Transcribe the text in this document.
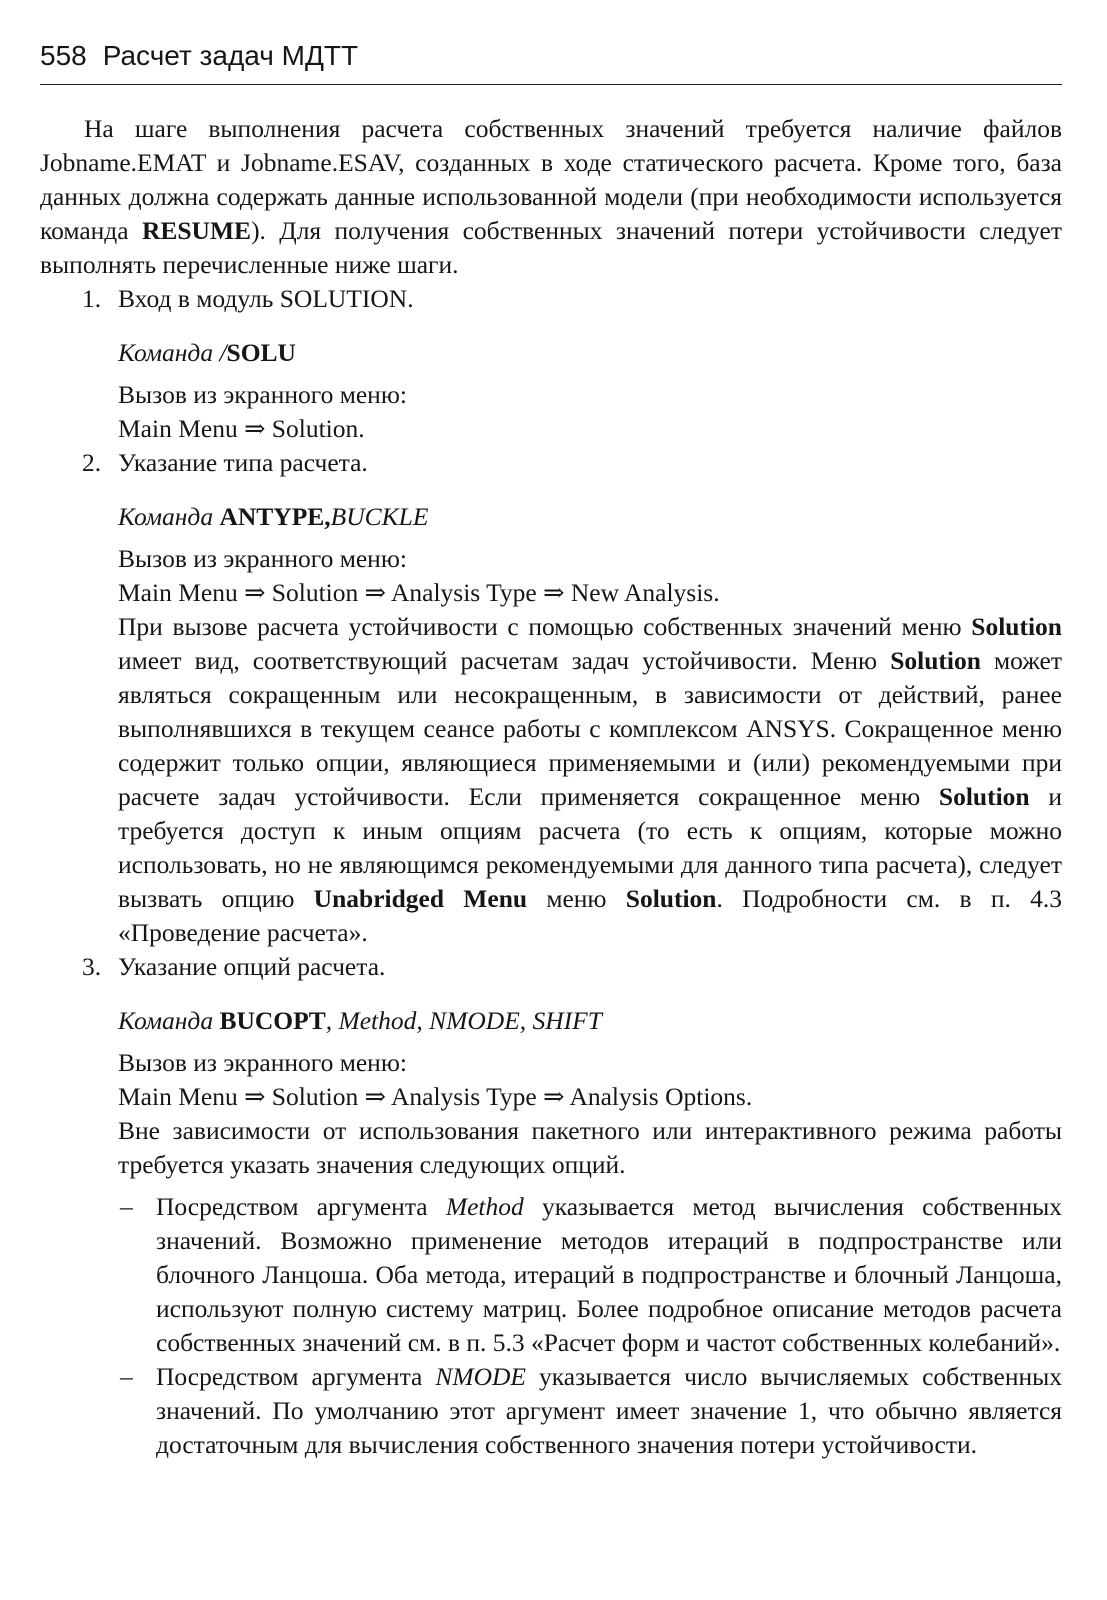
558 Расчет задач МДТТ

На шаге выполнения расчета собственных значений требуется наличие файлов Jobname.EMAT и Jobname.ESAV, созданных в ходе статического расчета. Кроме того, база данных должна содержать данные использованной модели (при необходимости используется команда RESUME). Для получения собственных значений потери устойчивости следует выполнять перечисленные ниже шаги.

1. Вход в модуль SOLUTION.

Команда /SOLU

Вызов из экранного меню:

Main Menu ⇒ Solution.

2. Указание типа расчета.

Команда ANTYPE,BUCKLE

Вызов из экранного меню:

Main Menu ⇒ Solution ⇒ Analysis Type ⇒ New Analysis.

При вызове расчета устойчивости с помощью собственных значений меню Solution имеет вид, соответствующий расчетам задач устойчивости. Меню Solution может являться сокращенным или несокращенным, в зависимости от действий, ранее выполнявшихся в текущем сеансе работы с комплексом ANSYS. Сокращенное меню содержит только опции, являющиеся применяемыми и (или) рекомендуемыми при расчете задач устойчивости. Если применяется сокращенное меню Solution и требуется доступ к иным опциям расчета (то есть к опциям, которые можно использовать, но не являющимся рекомендуемыми для данного типа расчета), следует вызвать опцию Unabridged Menu меню Solution. Подробности см. в п. 4.3 «Проведение расчета».

3. Указание опций расчета.

Команда BUCOPT, Method, NMODE, SHIFT

Вызов из экранного меню:

Main Menu ⇒ Solution ⇒ Analysis Type ⇒ Analysis Options.

Вне зависимости от использования пакетного или интерактивного режима работы требуется указать значения следующих опций.

– Посредством аргумента Method указывается метод вычисления собственных значений. Возможно применение методов итераций в подпространстве или блочного Ланцоша. Оба метода, итераций в подпространстве и блочный Ланцоша, используют полную систему матриц. Более подробное описание методов расчета собственных значений см. в п. 5.3 «Расчет форм и частот собственных колебаний».

– Посредством аргумента NMODE указывается число вычисляемых собственных значений. По умолчанию этот аргумент имеет значение 1, что обычно является достаточным для вычисления собственного значения потери устойчивости.
